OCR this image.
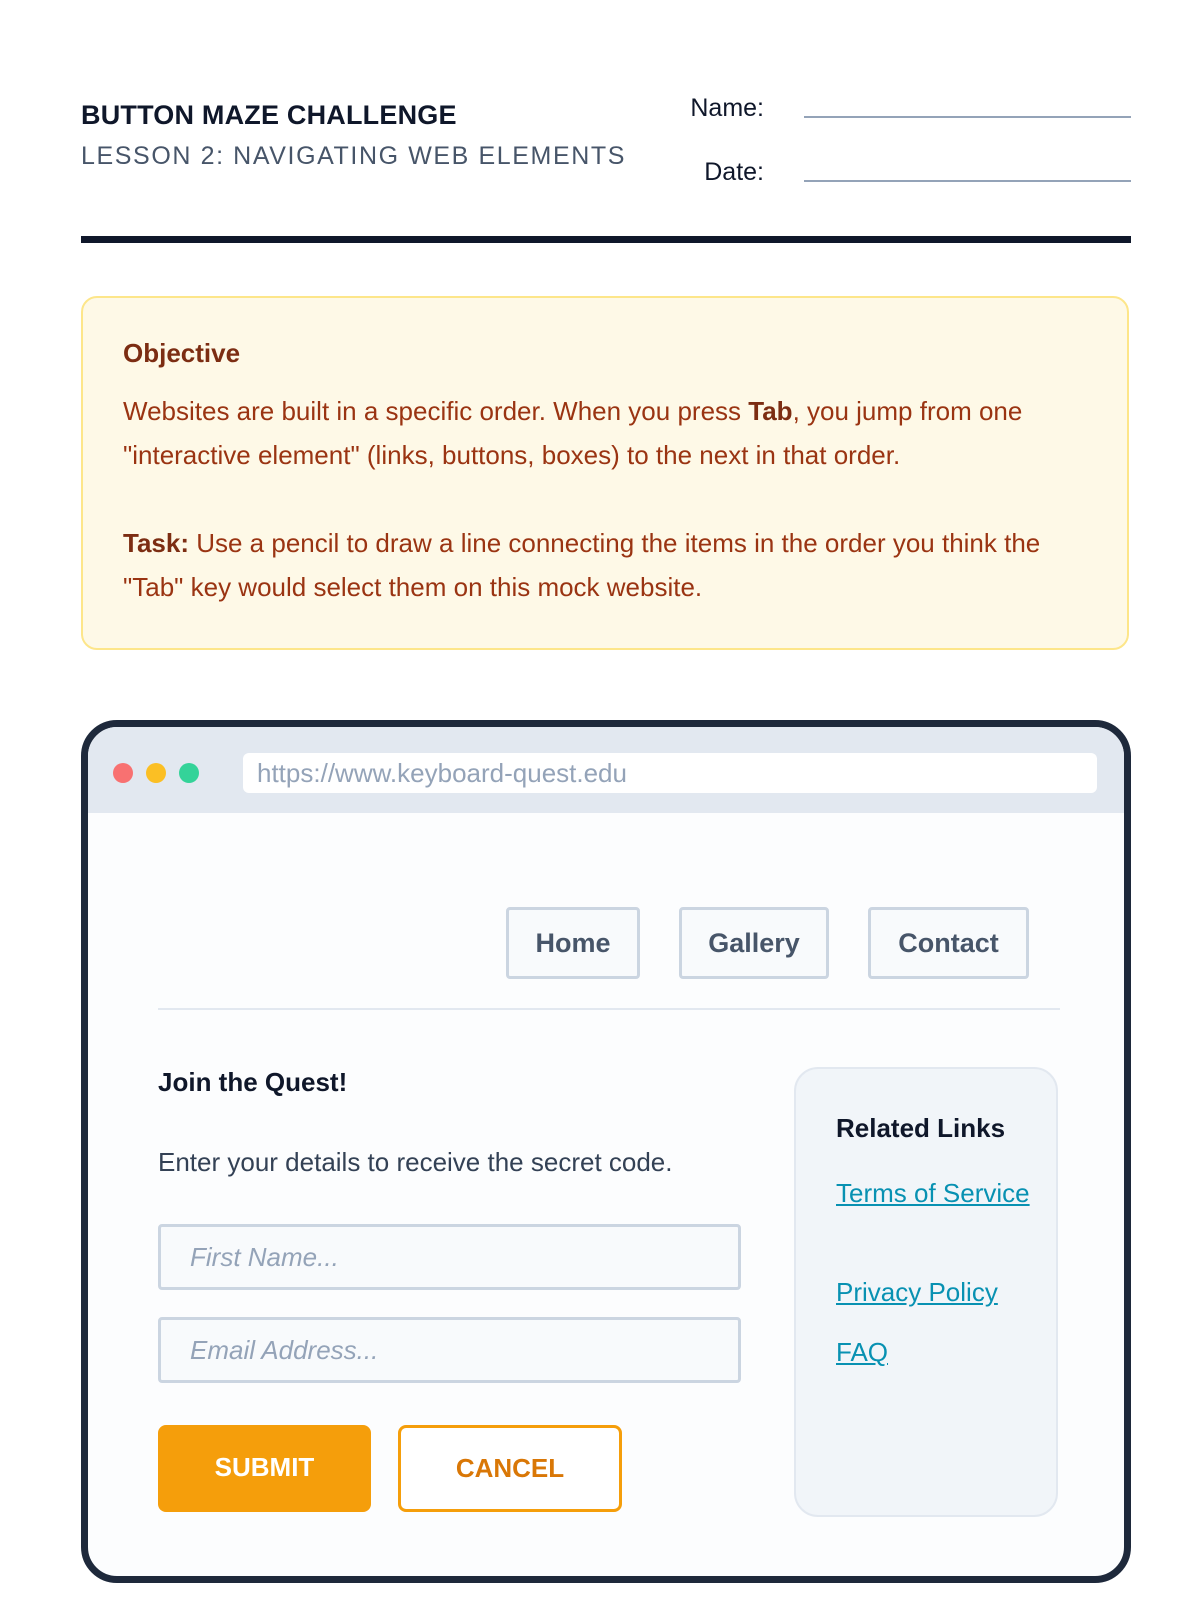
BUTTON MAZE CHALLENGE
LESSON 2: NAVIGATING WEB ELEMENTS
Name:
Date:
Objective
Websites are built in a specific order. When you press Tab, you jump from one "interactive element" (links, buttons, boxes) to the next in that order.
Task: Use a pencil to draw a line connecting the items in the order you think the "Tab" key would select them on this mock website.
https://www.keyboard-quest.edu
Home	Gallery	Contact
Join the Quest!
Enter your details to receive the secret code.
First Name...
Email Address...
SUBMIT	CANCEL
Related Links
Terms of Service
Privacy Policy
FAQ
